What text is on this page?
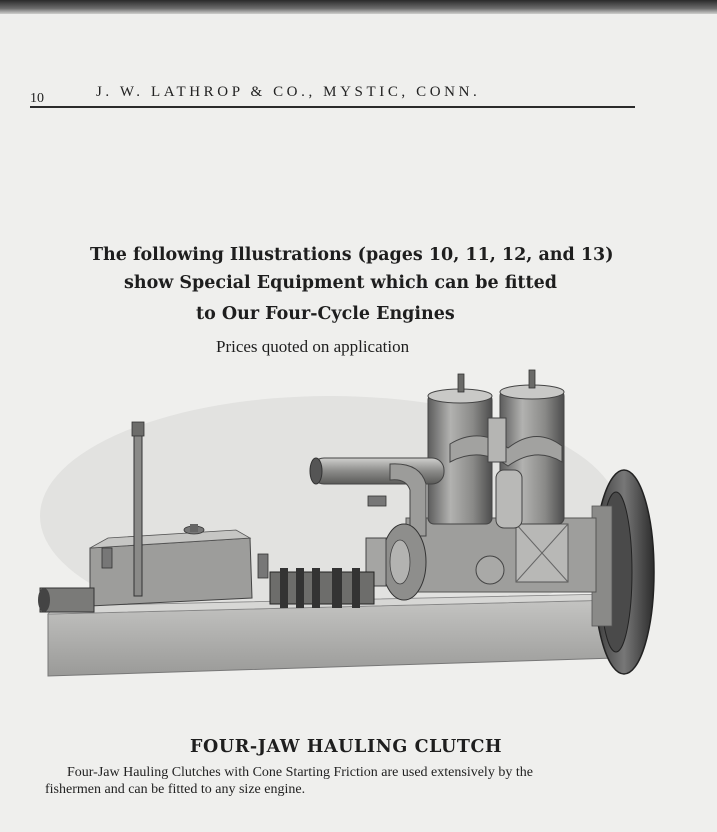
10	J. W. LATHROP & CO., MYSTIC, CONN.
The following Illustrations (pages 10, 11, 12, and 13)
show Special Equipment which can be fitted
to Our Four-Cycle Engines
Prices quoted on application
FOUR-JAW HAULING CLUTCH
Four-Jaw Hauling Clutches with Cone Starting Friction are used extensively by the
fishermen and can be fitted to any size engine.
